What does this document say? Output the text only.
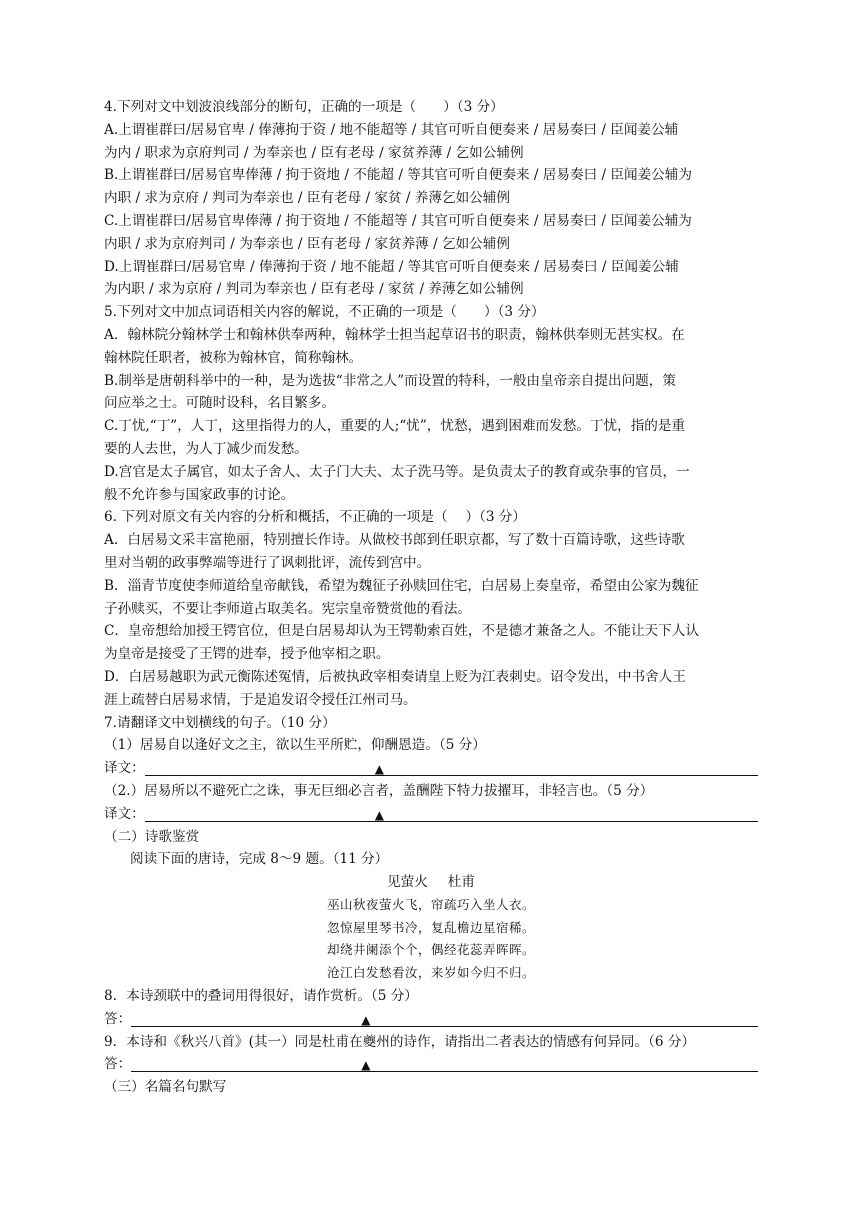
4.下列对文中划波浪线部分的断句，正确的一项是（　　）（3 分）
A.上谓崔群曰/居易官卑 / 俸薄拘于资 / 地不能超等 / 其官可听自便奏来 / 居易奏曰 / 臣闻姜公辅
为内 / 职求为京府判司 / 为奉亲也 / 臣有老母 / 家贫养薄 / 乞如公辅例
B.上谓崔群曰/居易官卑俸薄 / 拘于资地 / 不能超 / 等其官可听自便奏来 / 居易奏曰 / 臣闻姜公辅为
内职 / 求为京府 / 判司为奉亲也 / 臣有老母 / 家贫 / 养薄乞如公辅例
C.上谓崔群曰/居易官卑俸薄 / 拘于资地 / 不能超等 / 其官可听自便奏来 / 居易奏曰 / 臣闻姜公辅为
内职 / 求为京府判司 / 为奉亲也 / 臣有老母 / 家贫养薄 / 乞如公辅例
D.上谓崔群曰/居易官卑 / 俸薄拘于资 / 地不能超 / 等其官可听自便奏来 / 居易奏曰 / 臣闻姜公辅
为内职 / 求为京府 / 判司为奉亲也 / 臣有老母 / 家贫 / 养薄乞如公辅例
5.下列对文中加点词语相关内容的解说，不正确的一项是（　　）（3 分）
A．翰林院分翰林学士和翰林供奉两种，翰林学士担当起草诏书的职责，翰林供奉则无甚实权。在
翰林院任职者，被称为翰林官，简称翰林。
B.制举是唐朝科举中的一种，是为选拔“非常之人”而设置的特科，一般由皇帝亲自提出问题，策
问应举之士。可随时设科，名目繁多。
C.丁忧,“丁”，人丁，这里指得力的人，重要的人;“忧”，忧愁，遇到困难而发愁。丁忧，指的是重
要的人去世，为人丁减少而发愁。
D.宫官是太子属官，如太子舍人、太子门大夫、太子洗马等。是负责太子的教育或杂事的官员，一
般不允许参与国家政事的讨论。
6. 下列对原文有关内容的分析和概括，不正确的一项是（　 ）（3 分）
A．白居易文采丰富艳丽，特别擅长作诗。从做校书郎到任职京都，写了数十百篇诗歌，这些诗歌
里对当朝的政事弊端等进行了讽刺批评，流传到宫中。
B．淄青节度使李师道给皇帝献钱，希望为魏征子孙赎回住宅，白居易上奏皇帝，希望由公家为魏征
子孙赎买，不要让李师道占取美名。宪宗皇帝赞赏他的看法。
C．皇帝想给加授王锷官位，但是白居易却认为王锷勒索百姓，不是德才兼备之人。不能让天下人认
为皇帝是接受了王锷的进奉，授予他宰相之职。
D．白居易越职为武元衡陈述冤情，后被执政宰相奏请皇上贬为江表刺史。诏令发出，中书舍人王
涯上疏替白居易求情，于是追发诏令授任江州司马。
7.请翻译文中划横线的句子。（10 分）
（1）居易自以逢好文之主，欲以生平所贮，仰酬恩造。（5 分）
译文：	▲
（2.）居易所以不避死亡之诛，事无巨细必言者，盖酬陛下特力拔擢耳，非轻言也。（5 分）
译文：	▲
（二）诗歌鉴赏
阅读下面的唐诗，完成 8～9 题。（11 分）
见萤火 杜甫
巫山秋夜萤火飞，帘疏巧入坐人衣。
忽惊屋里琴书冷，复乱檐边星宿稀。
却绕井阑添个个，偶经花蕊弄晖晖。
沧江白发愁看汝，来岁如今归不归。
8．本诗颈联中的叠词用得很好，请作赏析。（5 分）
答：	▲
9．本诗和《秋兴八首》(其一）同是杜甫在夔州的诗作，请指出二者表达的情感有何异同。（6 分）
答：	▲
（三）名篇名句默写
